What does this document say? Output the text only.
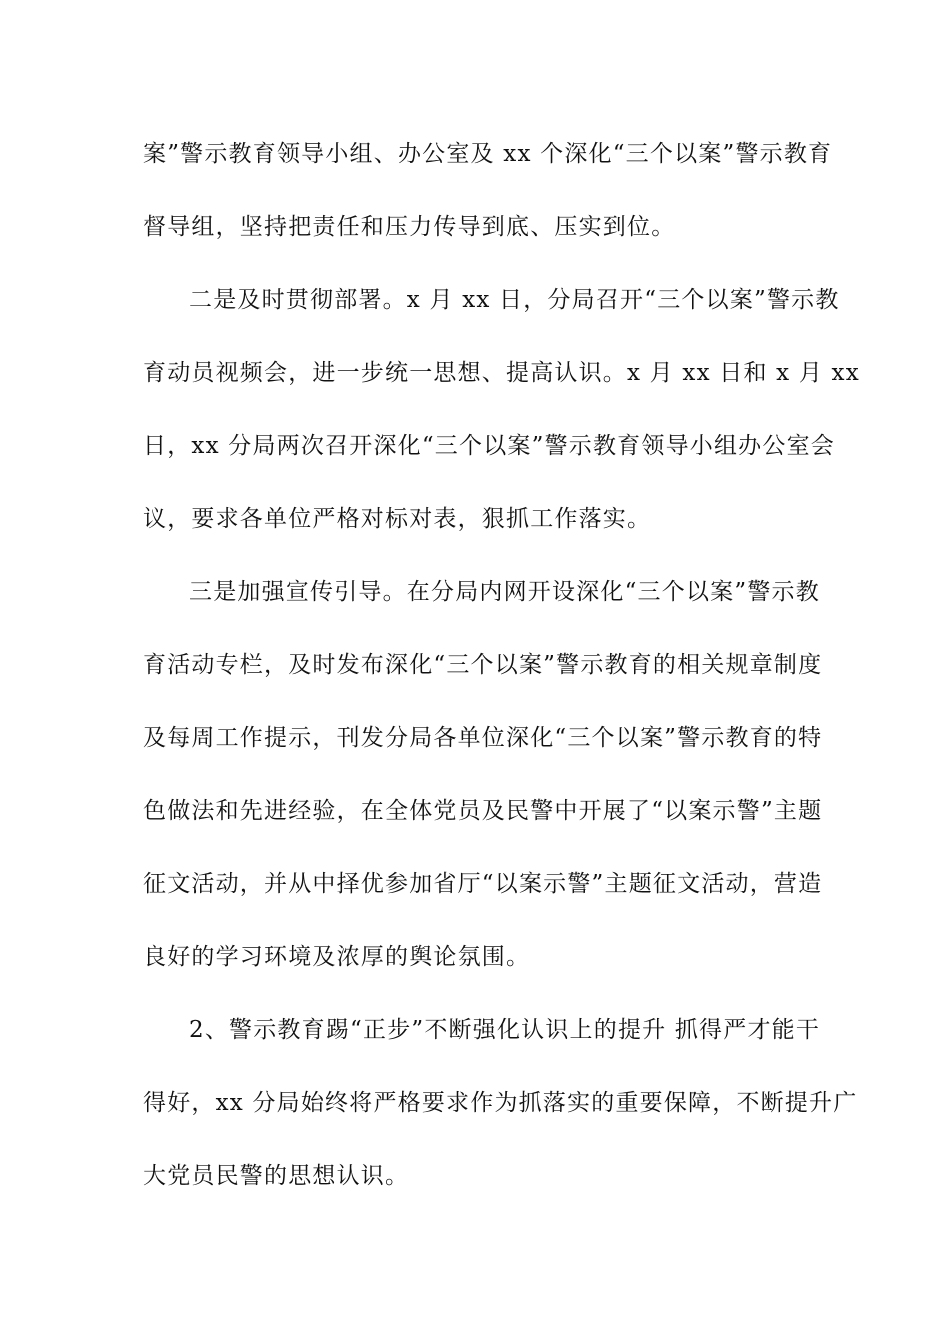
案”警示教育领导小组、办公室及 xx 个深化“三个以案”警示教育
督导组，坚持把责任和压力传导到底、压实到位。
二是及时贯彻部署。x 月 xx 日，分局召开“三个以案”警示教
育动员视频会，进一步统一思想、提高认识。x 月 xx 日和 x 月 xx
日，xx 分局两次召开深化“三个以案”警示教育领导小组办公室会
议，要求各单位严格对标对表，狠抓工作落实。
三是加强宣传引导。在分局内网开设深化“三个以案”警示教
育活动专栏，及时发布深化“三个以案”警示教育的相关规章制度
及每周工作提示，刊发分局各单位深化“三个以案”警示教育的特
色做法和先进经验，在全体党员及民警中开展了“以案示警”主题
征文活动，并从中择优参加省厅“以案示警”主题征文活动，营造
良好的学习环境及浓厚的舆论氛围。
2、警示教育踢“正步”不断强化认识上的提升 抓得严才能干
得好，xx 分局始终将严格要求作为抓落实的重要保障，不断提升广
大党员民警的思想认识。
